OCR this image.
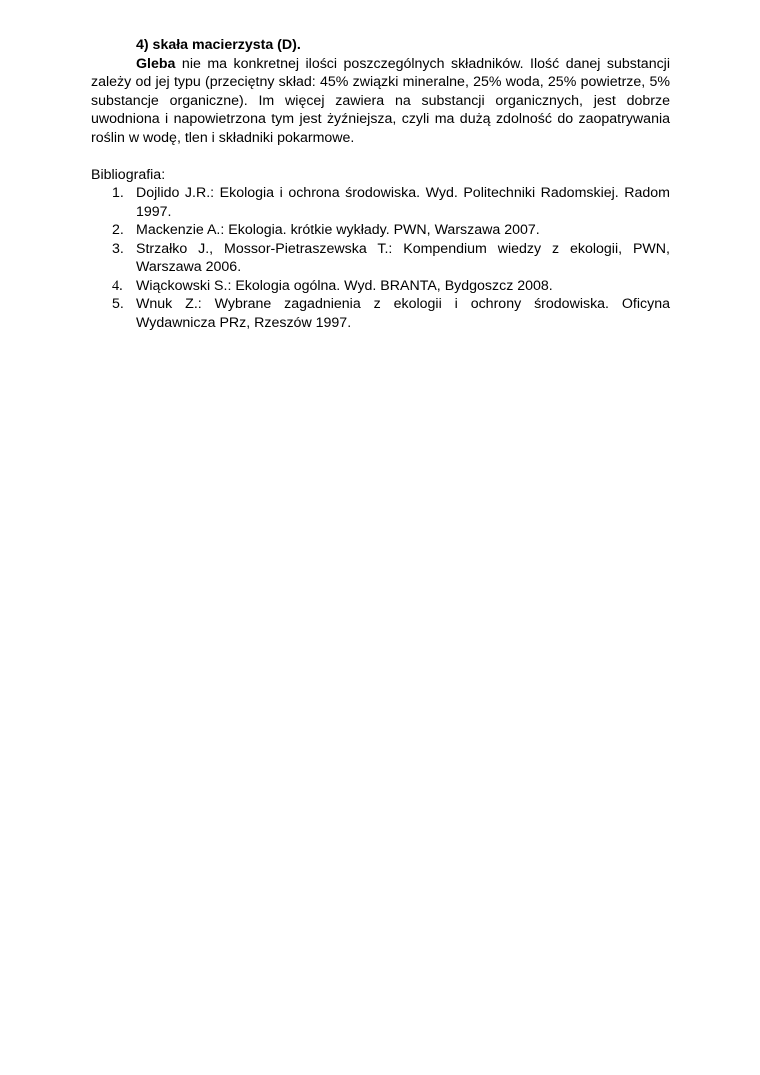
4) skała macierzysta (D).

Gleba nie ma konkretnej ilości poszczególnych składników. Ilość danej substancji zależy od jej typu (przeciętny skład: 45% związki mineralne, 25% woda, 25% powietrze, 5% substancje organiczne). Im więcej zawiera na substancji organicznych, jest dobrze uwodniona i napowietrzona tym jest żyźniejsza, czyli ma dużą zdolność do zaopatrywania roślin w wodę, tlen i składniki pokarmowe.

Bibliografia:

1. Dojlido J.R.: Ekologia i ochrona środowiska. Wyd. Politechniki Radomskiej. Radom 1997.
2. Mackenzie A.: Ekologia. krótkie wykłady. PWN, Warszawa 2007.
3. Strzałko J., Mossor-Pietraszewska T.: Kompendium wiedzy z ekologii, PWN, Warszawa 2006.
4. Wiąckowski S.: Ekologia ogólna. Wyd. BRANTA, Bydgoszcz 2008.
5. Wnuk Z.: Wybrane zagadnienia z ekologii i ochrony środowiska. Oficyna Wydawnicza PRz, Rzeszów 1997.
